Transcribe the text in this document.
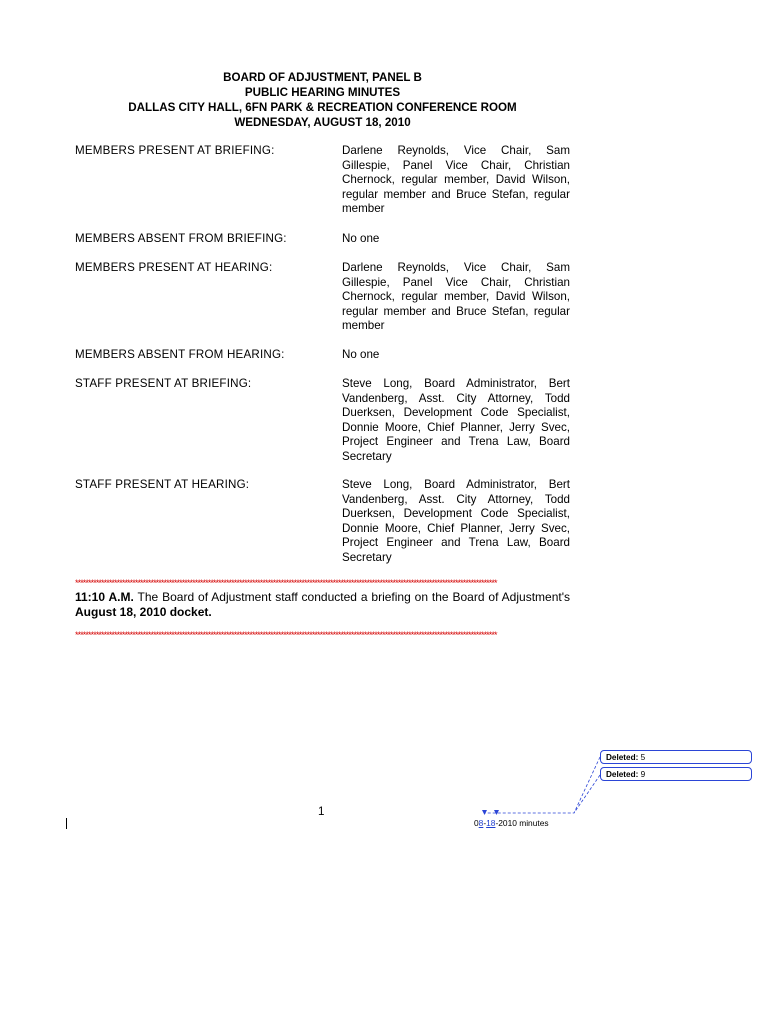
BOARD OF ADJUSTMENT, PANEL B
PUBLIC HEARING MINUTES
DALLAS CITY HALL, 6FN PARK & RECREATION CONFERENCE ROOM
WEDNESDAY, AUGUST 18, 2010
MEMBERS PRESENT AT BRIEFING:	Darlene Reynolds, Vice Chair, Sam Gillespie, Panel Vice Chair, Christian Chernock, regular member, David Wilson, regular member and Bruce Stefan, regular member
MEMBERS ABSENT FROM BRIEFING:	No one
MEMBERS PRESENT AT HEARING:	Darlene Reynolds, Vice Chair, Sam Gillespie, Panel Vice Chair, Christian Chernock, regular member, David Wilson, regular member and Bruce Stefan, regular member
MEMBERS ABSENT FROM HEARING:	No one
STAFF PRESENT AT BRIEFING:	Steve Long, Board Administrator, Bert Vandenberg, Asst. City Attorney, Todd Duerksen, Development Code Specialist, Donnie Moore, Chief Planner, Jerry Svec, Project Engineer and Trena Law, Board Secretary
STAFF PRESENT AT HEARING:	Steve Long, Board Administrator, Bert Vandenberg, Asst. City Attorney, Todd Duerksen, Development Code Specialist, Donnie Moore, Chief Planner, Jerry Svec, Project Engineer and Trena Law, Board Secretary
******************************************************************************************************************************************************************
11:10 A.M. The Board of Adjustment staff conducted a briefing on the Board of Adjustment's August 18, 2010 docket.
******************************************************************************************************************************************************************
Deleted: 5
Deleted: 9
1
08-18-2010 minutes
